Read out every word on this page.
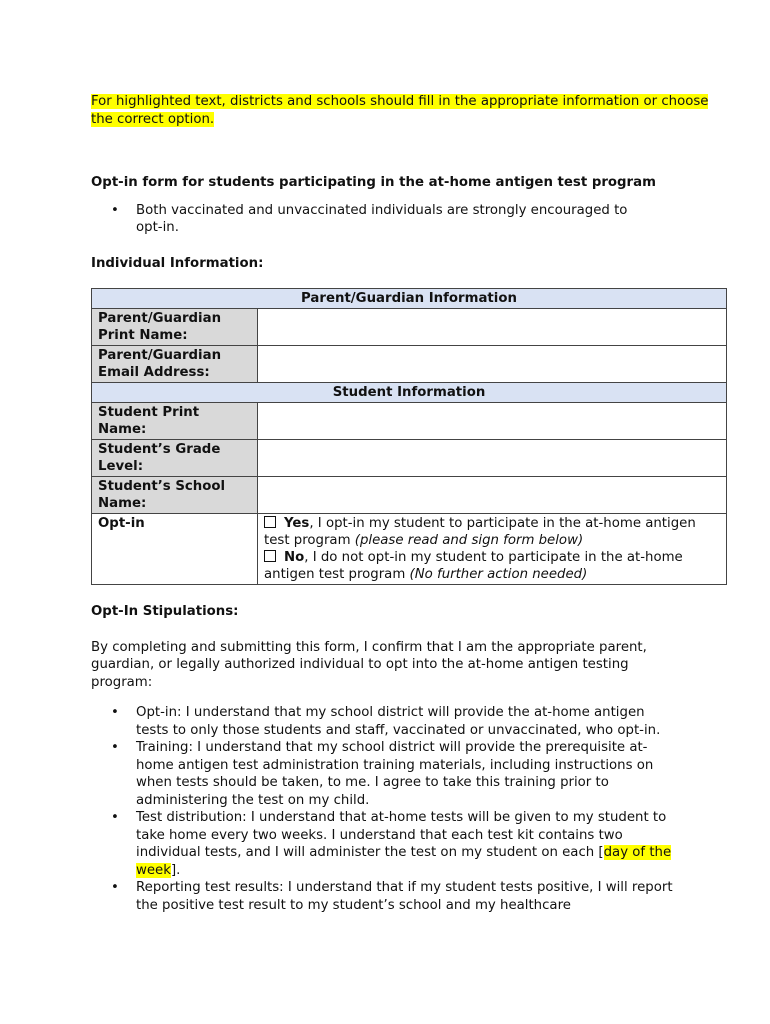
For highlighted text, districts and schools should fill in the appropriate information or choose the correct option.

Opt-in form for students participating in the at-home antigen test program

• Both vaccinated and unvaccinated individuals are strongly encouraged to opt-in.

Individual Information:

Parent/Guardian Information	
Parent/Guardian Print Name:	
Parent/Guardian Email Address:	
Student Information	
Student Print Name:	
Student’s Grade Level:	
Student’s School Name:	
Opt-in	Yes, I opt-in my student to participate in the at-home antigen test program (please read and sign form below)
No, I do not opt-in my student to participate in the at-home antigen test program (No further action needed)

Opt-In Stipulations:

By completing and submitting this form, I confirm that I am the appropriate parent, guardian, or legally authorized individual to opt into the at-home antigen testing program:

• Opt-in: I understand that my school district will provide the at-home antigen tests to only those students and staff, vaccinated or unvaccinated, who opt-in.
• Training: I understand that my school district will provide the prerequisite at-home antigen test administration training materials, including instructions on when tests should be taken, to me. I agree to take this training prior to administering the test on my child.
• Test distribution: I understand that at-home tests will be given to my student to take home every two weeks. I understand that each test kit contains two individual tests, and I will administer the test on my student on each [day of the week].
• Reporting test results: I understand that if my student tests positive, I will report the positive test result to my student’s school and my healthcare
